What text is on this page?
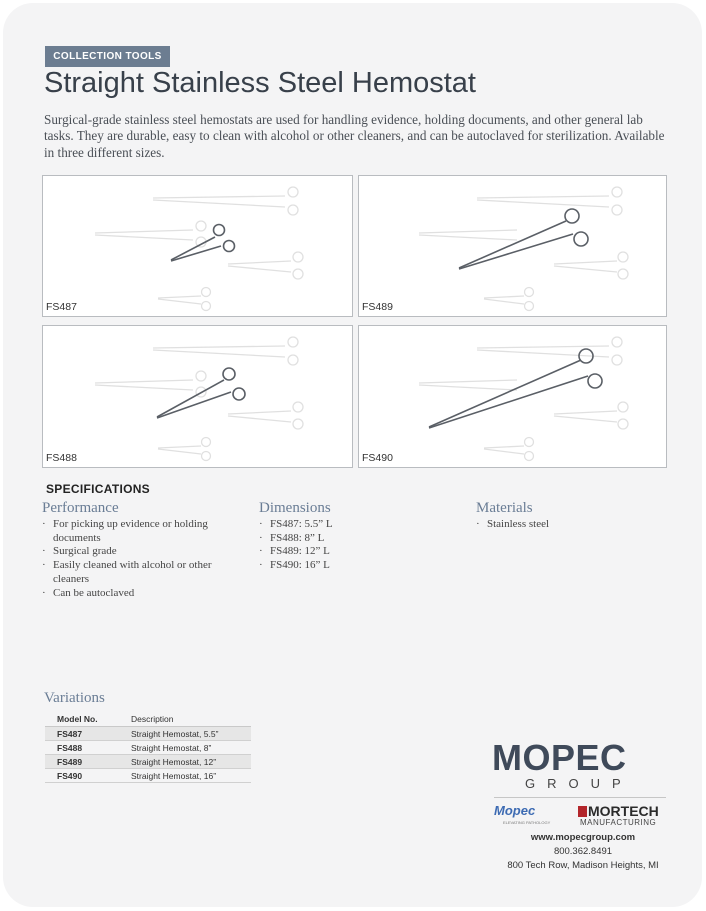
COLLECTION TOOLS
Straight Stainless Steel Hemostat
Surgical-grade stainless steel hemostats are used for handling evidence, holding documents, and other general lab tasks. They are durable, easy to clean with alcohol or other cleaners, and can be autoclaved for sterilization. Available in three different sizes.
FS487	FS489
FS488	FS490
SPECIFICATIONS
Performance
· For picking up evidence or holding documents
· Surgical grade
· Easily cleaned with alcohol or other cleaners
· Can be autoclaved
Dimensions
· FS487: 5.5” L
· FS488: 8” L
· FS489: 12” L
· FS490: 16” L
Materials
· Stainless steel
Variations
Model No.	Description
FS487	Straight Hemostat, 5.5”
FS488	Straight Hemostat, 8”
FS489	Straight Hemostat, 12”
FS490	Straight Hemostat, 16”	MOPEC
GROUP
Mopec
ELEVATING PATHOLOGY
MORTECH
MANUFACTURING
www.mopecgroup.com
800.362.8491
800 Tech Row, Madison Heights, MI
